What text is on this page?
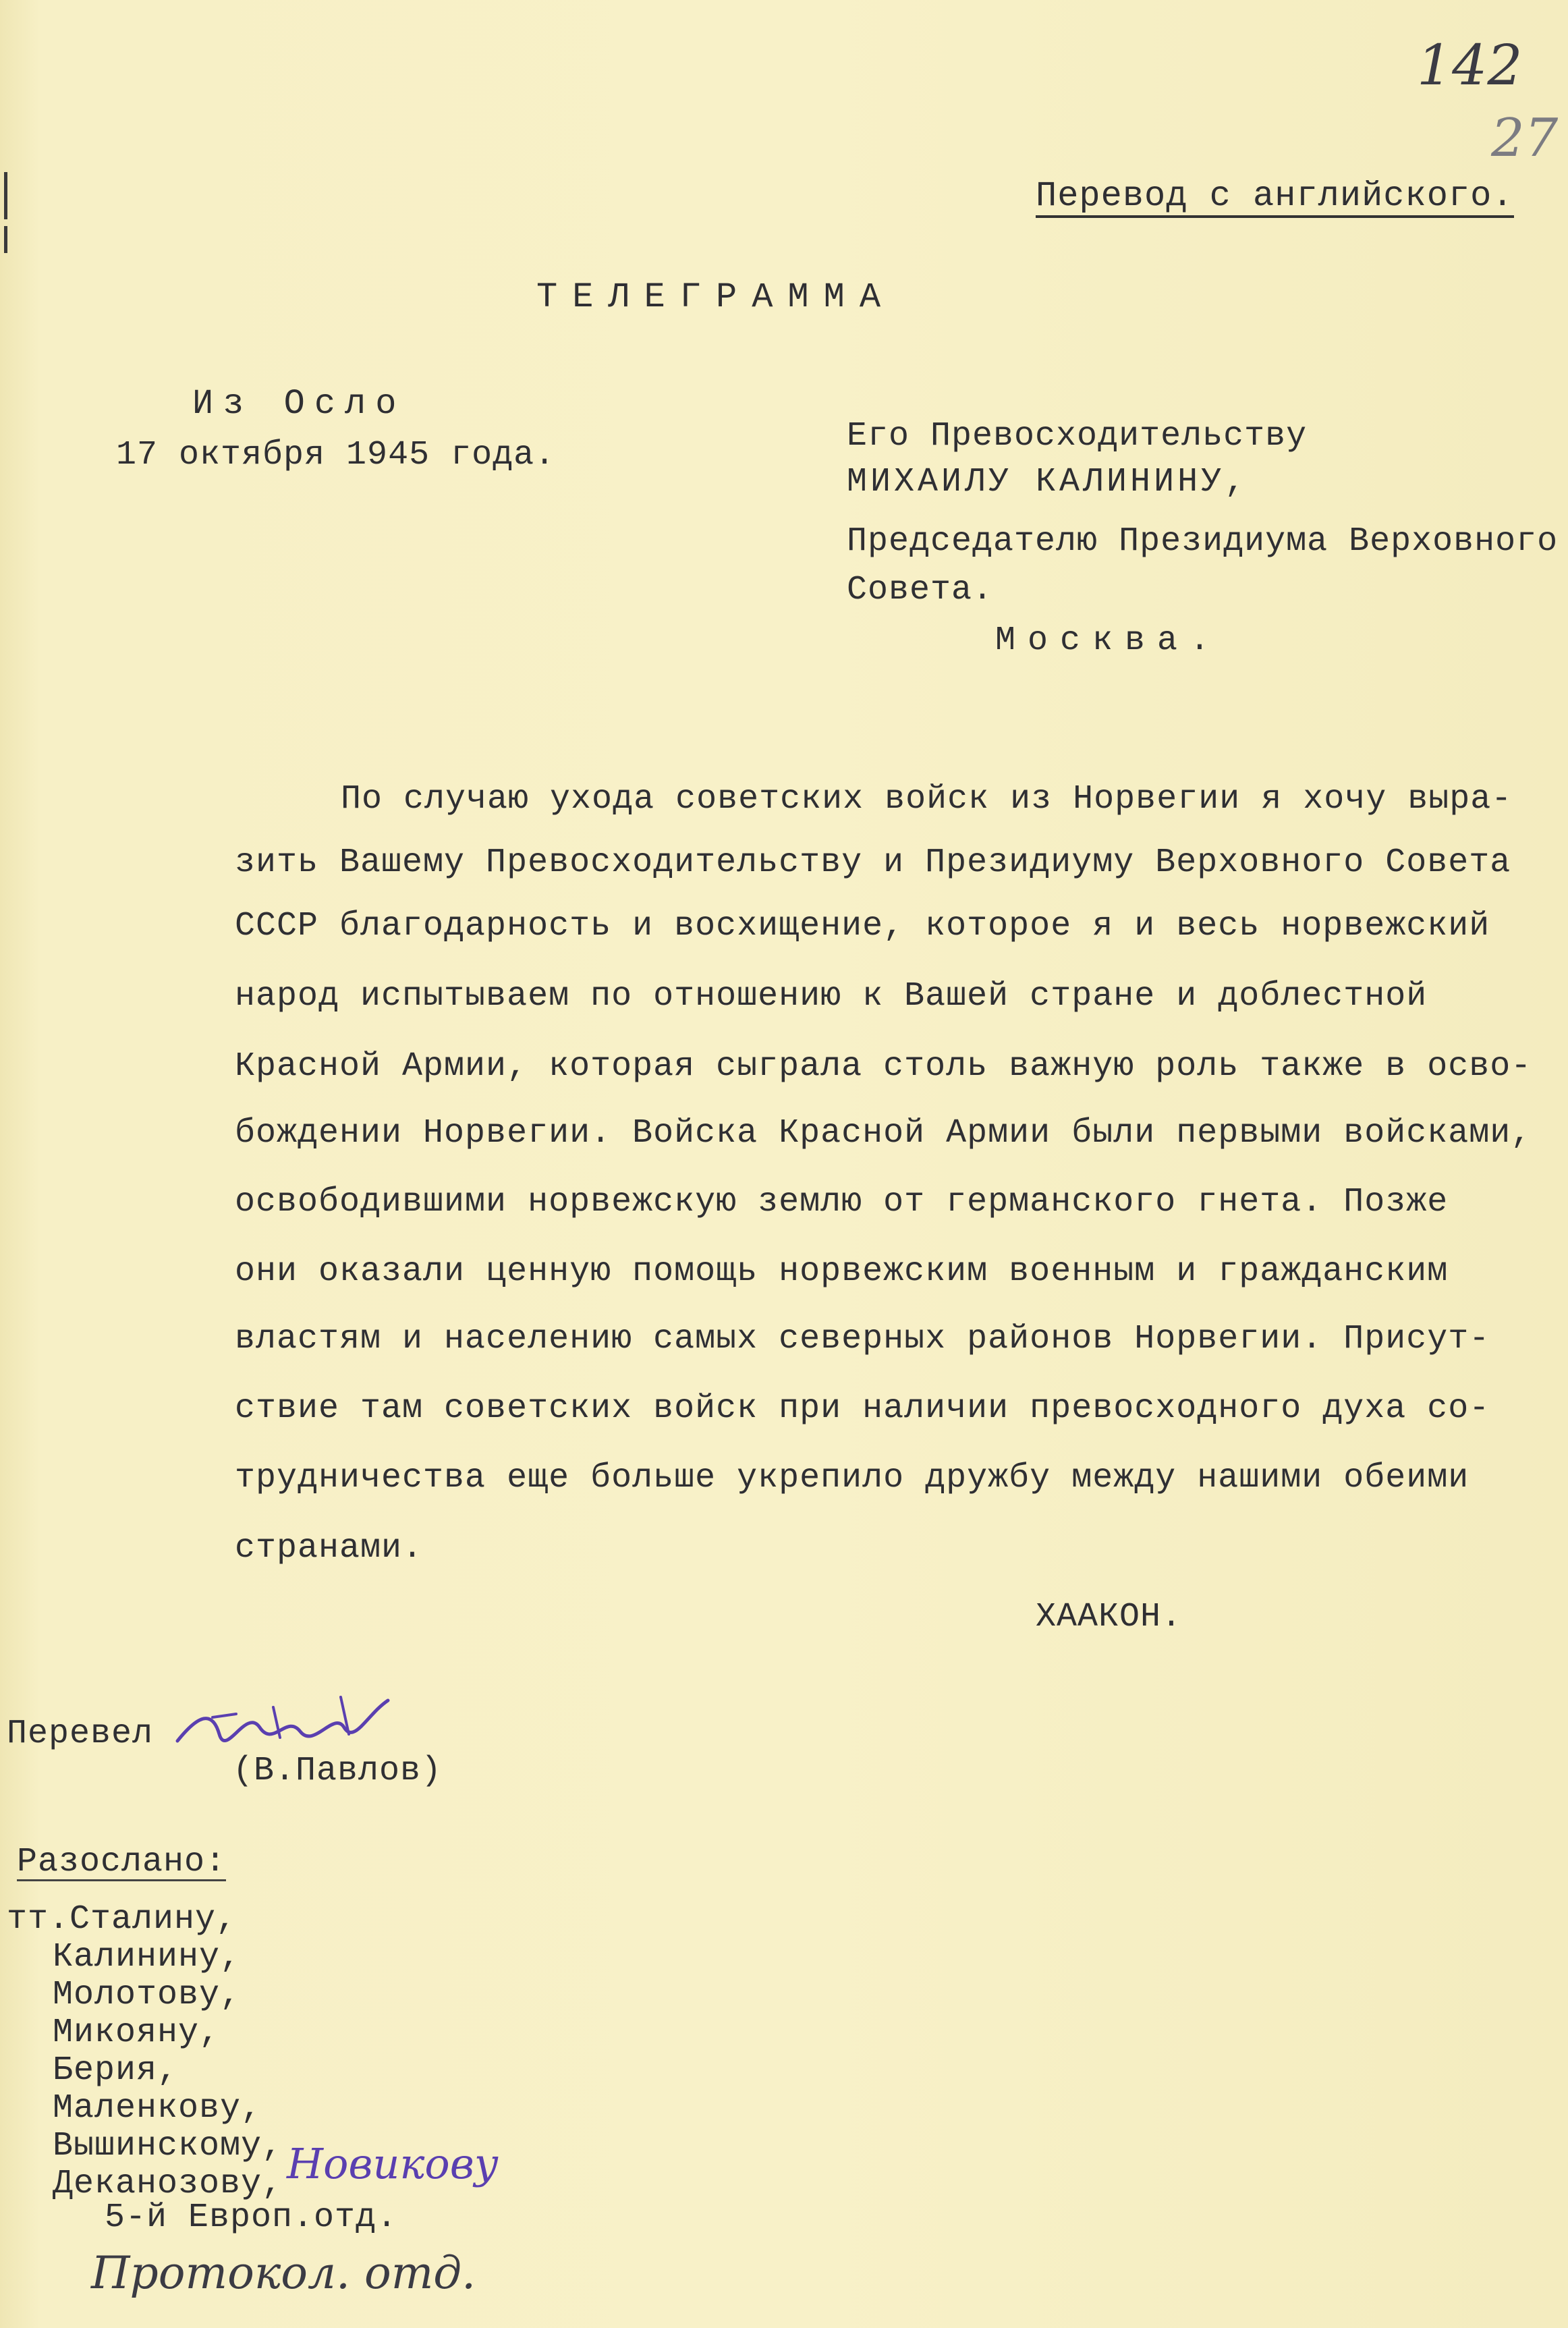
142
27
Перевод с английского.
ТЕЛЕГРАММА
Из Осло
17 октября 1945 года.	Его Превосходительству
МИХАИЛУ КАЛИНИНУ,
Председателю Президиума Верховного
Совета.
Москва.
По случаю ухода советских войск из Норвегии я хочу выра-
зить Вашему Превосходительству и Президиуму Верховного Совета
СССР благодарность и восхищение, которое я и весь норвежский
народ испытываем по отношению к Вашей стране и доблестной
Красной Армии, которая сыграла столь важную роль также в осво-
бождении Норвегии. Войска Красной Армии были первыми войсками,
освободившими норвежскую землю от германского гнета. Позже
они оказали ценную помощь норвежским военным и гражданским
властям и населению самых северных районов Норвегии. Присут-
ствие там советских войск при наличии превосходного духа со-
трудничества еще больше укрепило дружбу между нашими обеими
странами.
ХААКОН.
Перевел
(В.Павлов)
Разослано:
тт.Сталину,
Калинину,
Молотову,
Микояну,
Берия,
Маленкову,
Вышинскому,
Деканозову,
5-й Европ.отд.
Новикову
Протокол. отд.
